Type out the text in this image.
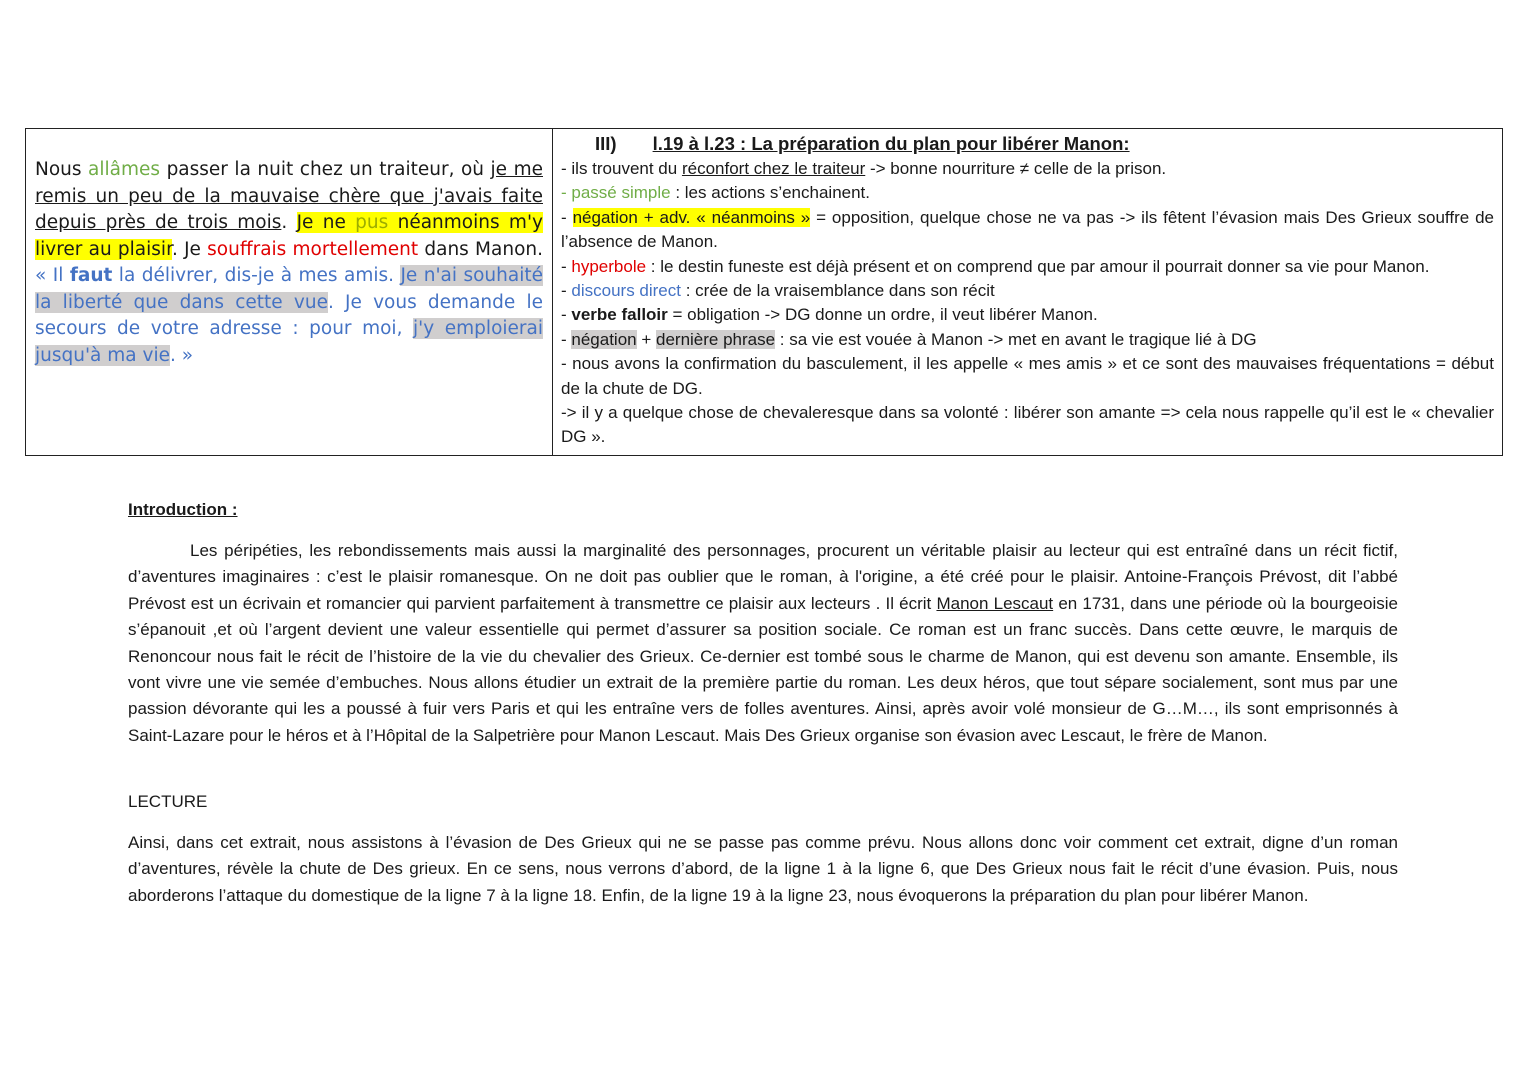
Nous allâmes passer la nuit chez un traiteur, où je me remis un peu de la mauvaise chère que j'avais faite depuis près de trois mois. Je ne pus néanmoins m'y livrer au plaisir. Je souffrais mortellement dans Manon. « Il faut la délivrer, dis-je à mes amis. Je n'ai souhaité la liberté que dans cette vue. Je vous demande le secours de votre adresse : pour moi, j'y emploierai jusqu'à ma vie. »
III) l.19 à l.23 : La préparation du plan pour libérer Manon:
- ils trouvent du réconfort chez le traiteur -> bonne nourriture ≠ celle de la prison.
- passé simple : les actions s’enchainent.
- négation + adv. « néanmoins » = opposition, quelque chose ne va pas -> ils fêtent l’évasion mais Des Grieux souffre de l’absence de Manon.
- hyperbole : le destin funeste est déjà présent et on comprend que par amour il pourrait donner sa vie pour Manon.
- discours direct : crée de la vraisemblance dans son récit
- verbe falloir = obligation -> DG donne un ordre, il veut libérer Manon.
- négation + dernière phrase : sa vie est vouée à Manon -> met en avant le tragique lié à DG
- nous avons la confirmation du basculement, il les appelle « mes amis » et ce sont des mauvaises fréquentations = début de la chute de DG.
-> il y a quelque chose de chevaleresque dans sa volonté : libérer son amante => cela nous rappelle qu’il est le « chevalier DG ».
Introduction :

Les péripéties, les rebondissements mais aussi la marginalité des personnages, procurent un véritable plaisir au lecteur qui est entraîné dans un récit fictif, d’aventures imaginaires : c’est le plaisir romanesque. On ne doit pas oublier que le roman, à l'origine, a été créé pour le plaisir. Antoine-François Prévost, dit l’abbé Prévost est un écrivain et romancier qui parvient parfaitement à transmettre ce plaisir aux lecteurs . Il écrit Manon Lescaut en 1731, dans une période où la bourgeoisie s’épanouit ,et où l’argent devient une valeur essentielle qui permet d’assurer sa position sociale. Ce roman est un franc succès. Dans cette œuvre, le marquis de Renoncour nous fait le récit de l’histoire de la vie du chevalier des Grieux. Ce-dernier est tombé sous le charme de Manon, qui est devenu son amante. Ensemble, ils vont vivre une vie semée d’embuches. Nous allons étudier un extrait de la première partie du roman. Les deux héros, que tout sépare socialement, sont mus par une passion dévorante qui les a poussé à fuir vers Paris et qui les entraîne vers de folles aventures. Ainsi, après avoir volé monsieur de G…M…, ils sont emprisonnés à Saint-Lazare pour le héros et à l’Hôpital de la Salpetrière pour Manon Lescaut. Mais Des Grieux organise son évasion avec Lescaut, le frère de Manon.

LECTURE

Ainsi, dans cet extrait, nous assistons à l’évasion de Des Grieux qui ne se passe pas comme prévu. Nous allons donc voir comment cet extrait, digne d’un roman d’aventures, révèle la chute de Des grieux. En ce sens, nous verrons d’abord, de la ligne 1 à la ligne 6, que Des Grieux nous fait le récit d’une évasion. Puis, nous aborderons l’attaque du domestique de la ligne 7 à la ligne 18. Enfin, de la ligne 19 à la ligne 23, nous évoquerons la préparation du plan pour libérer Manon.
